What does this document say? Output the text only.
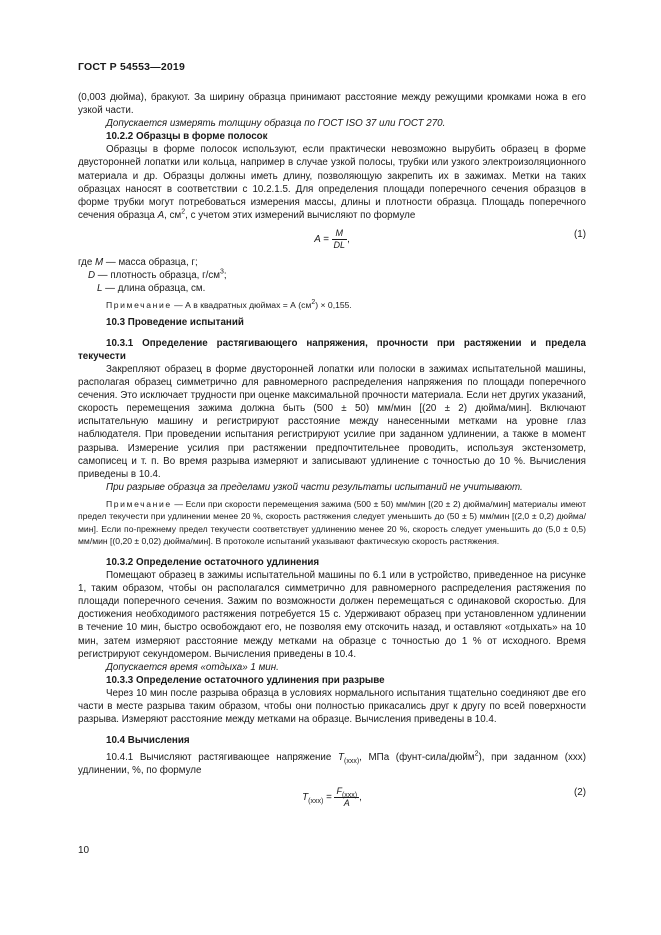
ГОСТ Р 54553—2019

(0,003 дюйма), бракуют. За ширину образца принимают расстояние между режущими кромками ножа в его узкой части.

Допускается измерять толщину образца по ГОСТ ISO 37 или ГОСТ 270.

10.2.2 Образцы в форме полосок

Образцы в форме полосок используют, если практически невозможно вырубить образец в форме двусторонней лопатки или кольца, например в случае узкой полосы, трубки или узкого электроизоляционного материала и др. Образцы должны иметь длину, позволяющую закрепить их в зажимах. Метки на таких образцах наносят в соответствии с 10.2.1.5. Для определения площади поперечного сечения образцов в форме трубки могут потребоваться измерения массы, длины и плотности образца. Площадь поперечного сечения образца А, $см^2$, с учетом этих измерений вычисляют по формуле

$A = \frac{M}{DL}$ ,	(1)

где M — масса образца, г;

D — плотность образца, $г/см^3$;

L — длина образца, см.

Примечание — А в квадратных дюймах = А $(см^2) \times 0,155$.

10.3 Проведение испытаний

10.3.1 Определение растягивающего напряжения, прочности при растяжении и предела текучести

Закрепляют образец в форме двусторонней лопатки или полоски в зажимах испытательной машины, располагая образец симметрично для равномерного распределения напряжения по площади поперечного сечения. Это исключает трудности при оценке максимальной прочности материала. Если нет других указаний, скорость перемещения зажима должна быть (500 ± 50) мм/мин [(20 ± 2) дюйма/мин]. Включают испытательную машину и регистрируют расстояние между нанесенными метками на уровне глаз наблюдателя. При проведении испытания регистрируют усилие при заданном удлинении, а также в момент разрыва. Измерение усилия при растяжении предпочтительнее проводить, используя экстензометр, самописец и т. п. Во время разрыва измеряют и записывают удлинение с точностью до 10 %. Вычисления приведены в 10.4.

При разрыве образца за пределами узкой части результаты испытаний не учитывают.

Примечание — Если при скорости перемещения зажима (500 ± 50) мм/мин [(20 ± 2) дюйма/мин] материалы имеют предел текучести при удлинении менее 20 %, скорость растяжения следует уменьшить до (50 ± 5) мм/мин [(2,0 ± 0,2) дюйма/мин]. Если по-прежнему предел текучести соответствует удлинению менее 20 %, скорость следует уменьшить до (5,0 ± 0,5) мм/мин [(0,20 ± 0,02) дюйма/мин]. В протоколе испытаний указывают фактическую скорость растяжения.

10.3.2 Определение остаточного удлинения

Помещают образец в зажимы испытательной машины по 6.1 или в устройство, приведенное на рисунке 1, таким образом, чтобы он располагался симметрично для равномерного распределения растяжения по площади поперечного сечения. Зажим по возможности должен перемещаться с одинаковой скоростью. Для достижения необходимого растяжения потребуется 15 с. Удерживают образец при установленном удлинении в течение 10 мин, быстро освобождают его, не позволяя ему отскочить назад, и оставляют «отдыхать» на 10 мин, затем измеряют расстояние между метками на образце с точностью до 1 % от исходного. Время регистрируют секундомером. Вычисления приведены в 10.4.

Допускается время «отдыха» 1 мин.

10.3.3 Определение остаточного удлинения при разрыве

Через 10 мин после разрыва образца в условиях нормального испытания тщательно соединяют две его части в месте разрыва таким образом, чтобы они полностью прикасались друг к другу по всей поверхности разрыва. Измеряют расстояние между метками на образце. Вычисления приведены в 10.4.

10.4 Вычисления

10.4.1 Вычисляют растягивающее напряжение $T_{(xxx)}$, МПа (фунт-сила/дюйм$^2$), при заданном (xxx) удлинении, %, по формуле

$T_{(xxx)} = \frac{F_{(xxx)}}{A}$ ,	(2)
10
